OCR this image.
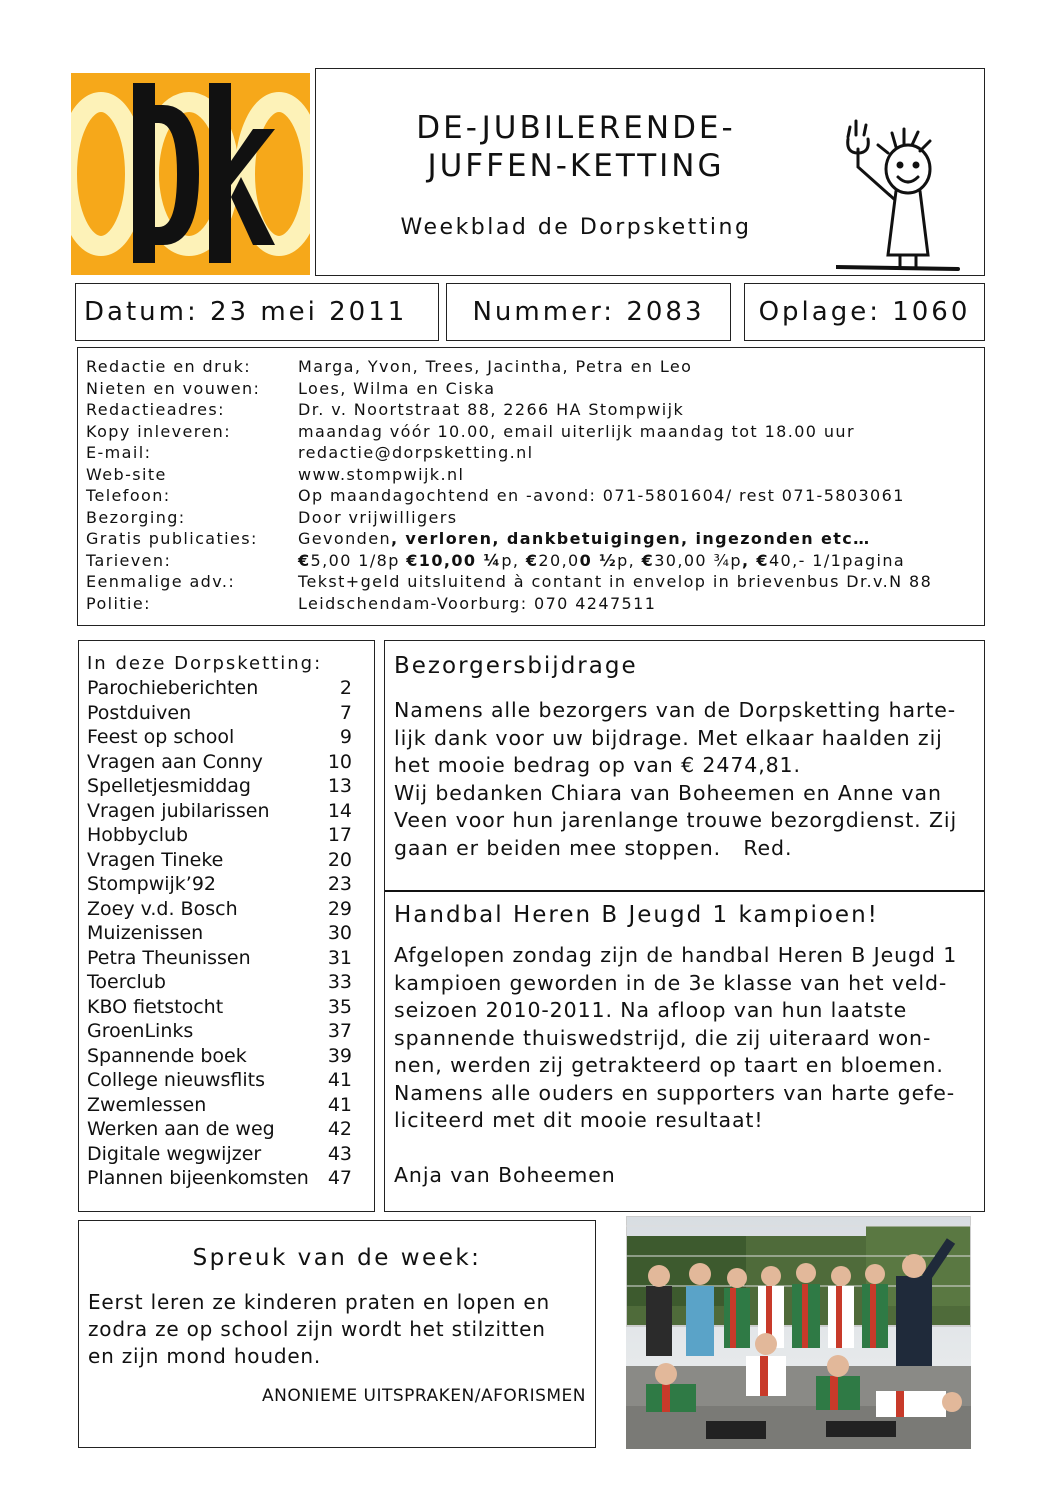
DE-JUBILERENDE-
JUFFEN-KETTING
Weekblad de Dorpsketting
Datum: 23 mei 2011	Nummer: 2083	Oplage: 1060
Redactie en druk:	Marga, Yvon, Trees, Jacintha, Petra en Leo
Nieten en vouwen:	Loes, Wilma en Ciska
Redactieadres:	Dr. v. Noortstraat 88, 2266 HA Stompwijk
Kopy inleveren:	maandag vóór 10.00, email uiterlijk maandag tot 18.00 uur
E-mail:	redactie@dorpsketting.nl
Web-site	www.stompwijk.nl
Telefoon:	Op maandagochtend en -avond: 071-5801604/ rest 071-5803061
Bezorging:	Door vrijwilligers
Gratis publicaties:	Gevonden, verloren, dankbetuigingen, ingezonden etc…
Tarieven:	€5,00 1/8p €10,00 ¼p, €20,00 ½p, €30,00 ¾p, €40,- 1/1pagina
Eenmalige adv.:	Tekst+geld uitsluitend à contant in envelop in brievenbus Dr.v.N 88
Politie:	Leidschendam-Voorburg: 070 4247511
In deze Dorpsketting:
Parochieberichten	2
Postduiven	7
Feest op school	9
Vragen aan Conny	10
Spelletjesmiddag	13
Vragen jubilarissen	14
Hobbyclub	17
Vragen Tineke	20
Stompwijk’92	23
Zoey v.d. Bosch	29
Muizenissen	30
Petra Theunissen	31
Toerclub	33
KBO fietstocht	35
GroenLinks	37
Spannende boek	39
College nieuwsflits	41
Zwemlessen	41
Werken aan de weg	42
Digitale wegwijzer	43
Plannen bijeenkomsten 47
Bezorgersbijdrage
Namens alle bezorgers van de Dorpsketting harte-
lijk dank voor uw bijdrage. Met elkaar haalden zij
het mooie bedrag op van € 2474,81.
Wij bedanken Chiara van Boheemen en Anne van
Veen voor hun jarenlange trouwe bezorgdienst. Zij
gaan er beiden mee stoppen.   Red.
Handbal Heren B Jeugd 1 kampioen!
Afgelopen zondag zijn de handbal Heren B Jeugd 1
kampioen geworden in de 3e klasse van het veld-
seizoen 2010-2011. Na afloop van hun laatste
spannende thuiswedstrijd, die zij uiteraard won-
nen, werden zij getrakteerd op taart en bloemen.
Namens alle ouders en supporters van harte gefe-
liciteerd met dit mooie resultaat!
Anja van Boheemen
Spreuk van de week:
Eerst leren ze kinderen praten en lopen en
zodra ze op school zijn wordt het stilzitten
en zijn mond houden.
ANONIEME UITSPRAKEN/AFORISMEN
